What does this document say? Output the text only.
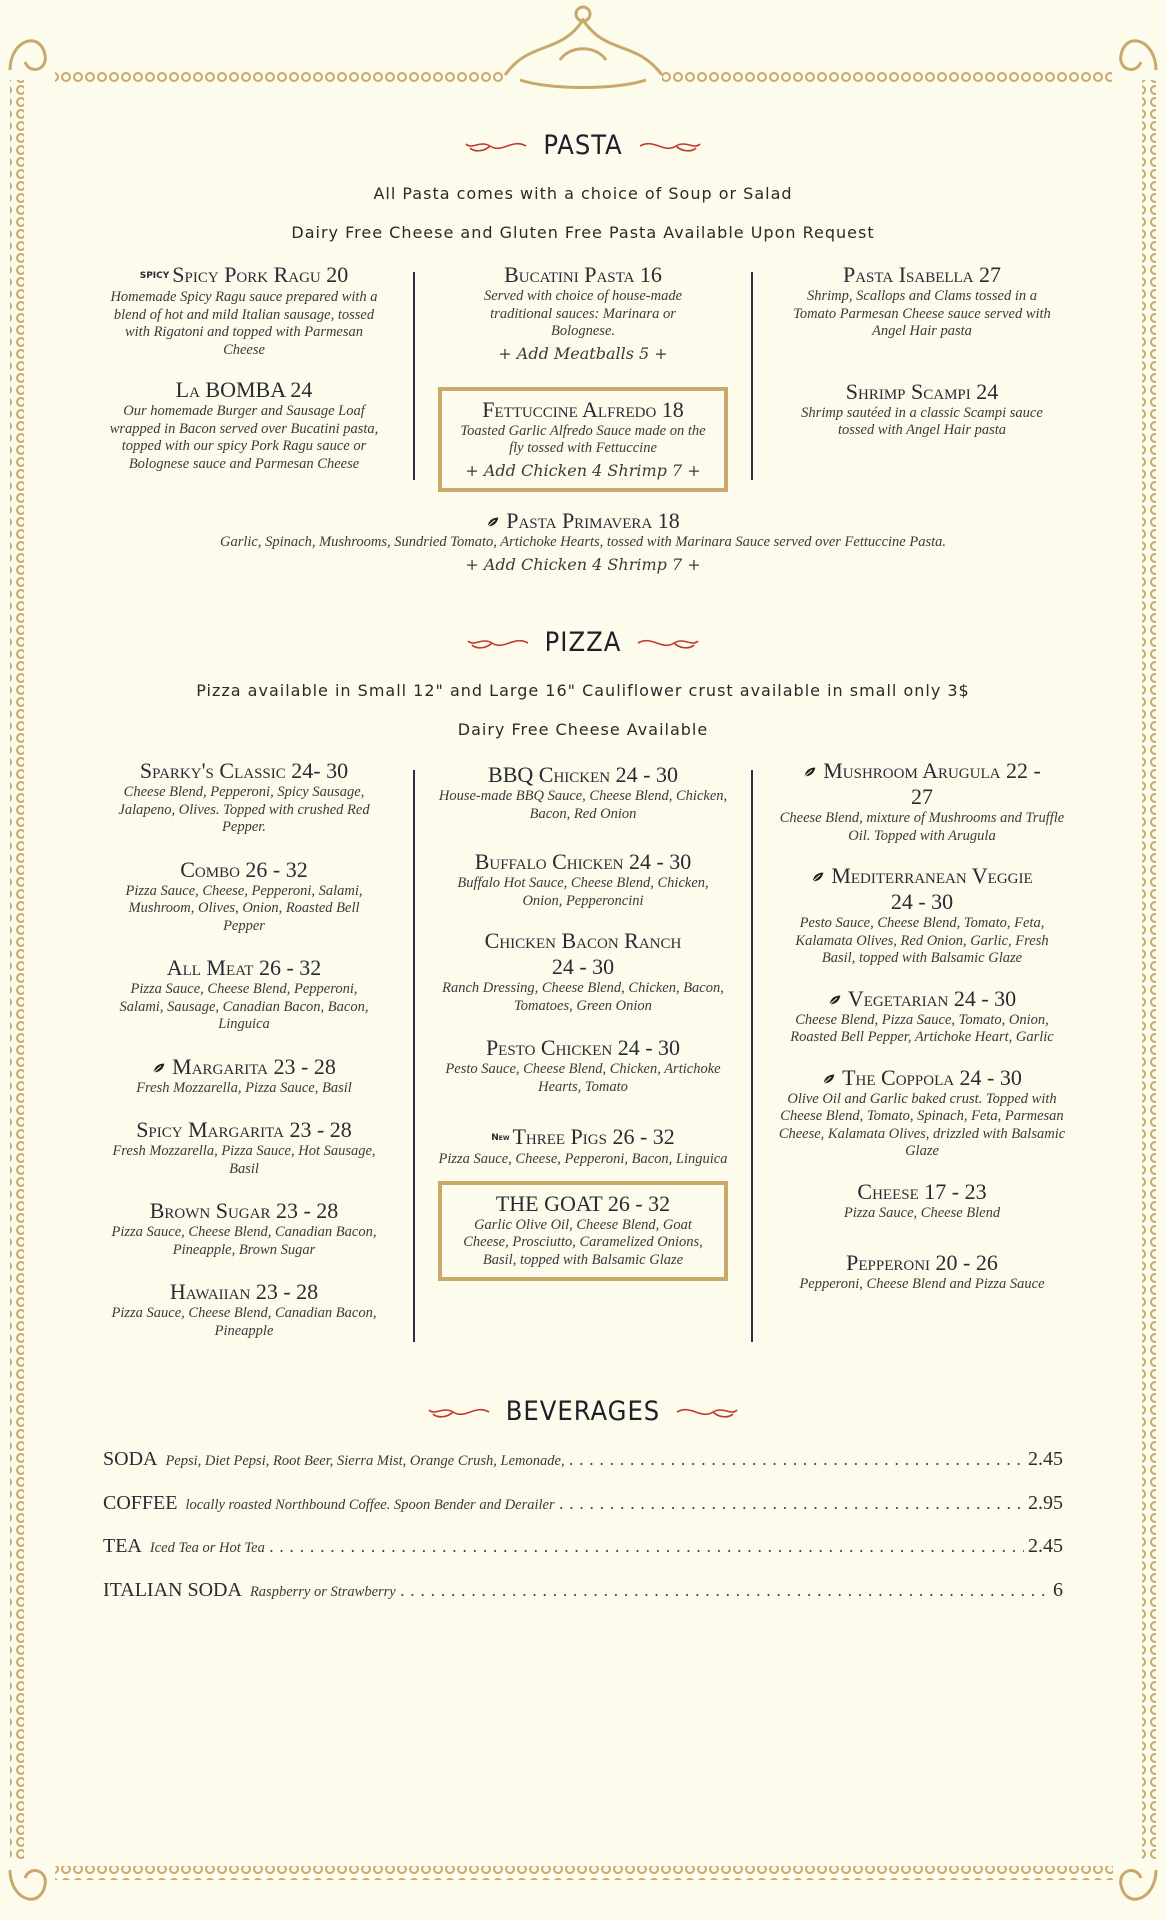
PASTA
All Pasta comes with a choice of Soup or Salad
Dairy Free Cheese and Gluten Free Pasta Available Upon Request
SPICY Spicy Pork Ragu 20
Homemade Spicy Ragu sauce prepared with a blend of hot and mild Italian sausage, tossed with Rigatoni and topped with Parmesan Cheese
La BOMBA 24
Our homemade Burger and Sausage Loaf wrapped in Bacon served over Bucatini pasta, topped with our spicy Pork Ragu sauce or Bolognese sauce and Parmesan Cheese
Bucatini Pasta 16
Served with choice of house-made traditional sauces: Marinara or Bolognese.
+ Add Meatballs 5 +
Fettuccine Alfredo 18
Toasted Garlic Alfredo Sauce made on the fly tossed with Fettuccine
+ Add Chicken 4 Shrimp 7 +
Pasta Isabella 27
Shrimp, Scallops and Clams tossed in a Tomato Parmesan Cheese sauce served with Angel Hair pasta
Shrimp Scampi 24
Shrimp sautéed in a classic Scampi sauce tossed with Angel Hair pasta
Pasta Primavera 18
Garlic, Spinach, Mushrooms, Sundried Tomato, Artichoke Hearts, tossed with Marinara Sauce served over Fettuccine Pasta.
+ Add Chicken 4 Shrimp 7 +
PIZZA
Pizza available in Small 12" and Large 16" Cauliflower crust available in small only 3$
Dairy Free Cheese Available
Sparky's Classic 24- 30
Cheese Blend, Pepperoni, Spicy Sausage, Jalapeno, Olives. Topped with crushed Red Pepper.
Combo 26 - 32
Pizza Sauce, Cheese, Pepperoni, Salami, Mushroom, Olives, Onion, Roasted Bell Pepper
All Meat 26 - 32
Pizza Sauce, Cheese Blend, Pepperoni, Salami, Sausage, Canadian Bacon, Bacon, Linguica
Margarita 23 - 28
Fresh Mozzarella, Pizza Sauce, Basil
Spicy Margarita 23 - 28
Fresh Mozzarella, Pizza Sauce, Hot Sausage, Basil
Brown Sugar 23 - 28
Pizza Sauce, Cheese Blend, Canadian Bacon, Pineapple, Brown Sugar
Hawaiian 23 - 28
Pizza Sauce, Cheese Blend, Canadian Bacon, Pineapple
BBQ Chicken 24 - 30
House-made BBQ Sauce, Cheese Blend, Chicken, Bacon, Red Onion
Buffalo Chicken 24 - 30
Buffalo Hot Sauce, Cheese Blend, Chicken, Onion, Pepperoncini
Chicken Bacon Ranch
24 - 30
Ranch Dressing, Cheese Blend, Chicken, Bacon, Tomatoes, Green Onion
Pesto Chicken 24 - 30
Pesto Sauce, Cheese Blend, Chicken, Artichoke Hearts, Tomato
New Three Pigs 26 - 32
Pizza Sauce, Cheese, Pepperoni, Bacon, Linguica
THE GOAT 26 - 32
Garlic Olive Oil, Cheese Blend, Goat Cheese, Prosciutto, Caramelized Onions, Basil, topped with Balsamic Glaze
Mushroom Arugula 22 -
27
Cheese Blend, mixture of Mushrooms and Truffle Oil. Topped with Arugula
Mediterranean Veggie
24 - 30
Pesto Sauce, Cheese Blend, Tomato, Feta, Kalamata Olives, Red Onion, Garlic, Fresh Basil, topped with Balsamic Glaze
Vegetarian 24 - 30
Cheese Blend, Pizza Sauce, Tomato, Onion, Roasted Bell Pepper, Artichoke Heart, Garlic
The Coppola 24 - 30
Olive Oil and Garlic baked crust. Topped with Cheese Blend, Tomato, Spinach, Feta, Parmesan Cheese, Kalamata Olives, drizzled with Balsamic Glaze
Cheese 17 - 23
Pizza Sauce, Cheese Blend
Pepperoni 20 - 26
Pepperoni, Cheese Blend and Pizza Sauce
BEVERAGES
SODA Pepsi, Diet Pepsi, Root Beer, Sierra Mist, Orange Crush, Lemonade, . . .	2.45
COFFEE locally roasted Northbound Coffee. Spoon Bender and Derailer . . .	2.95
TEA Iced Tea or Hot Tea . . .	2.45
ITALIAN SODA Raspberry or Strawberry . . .	6
